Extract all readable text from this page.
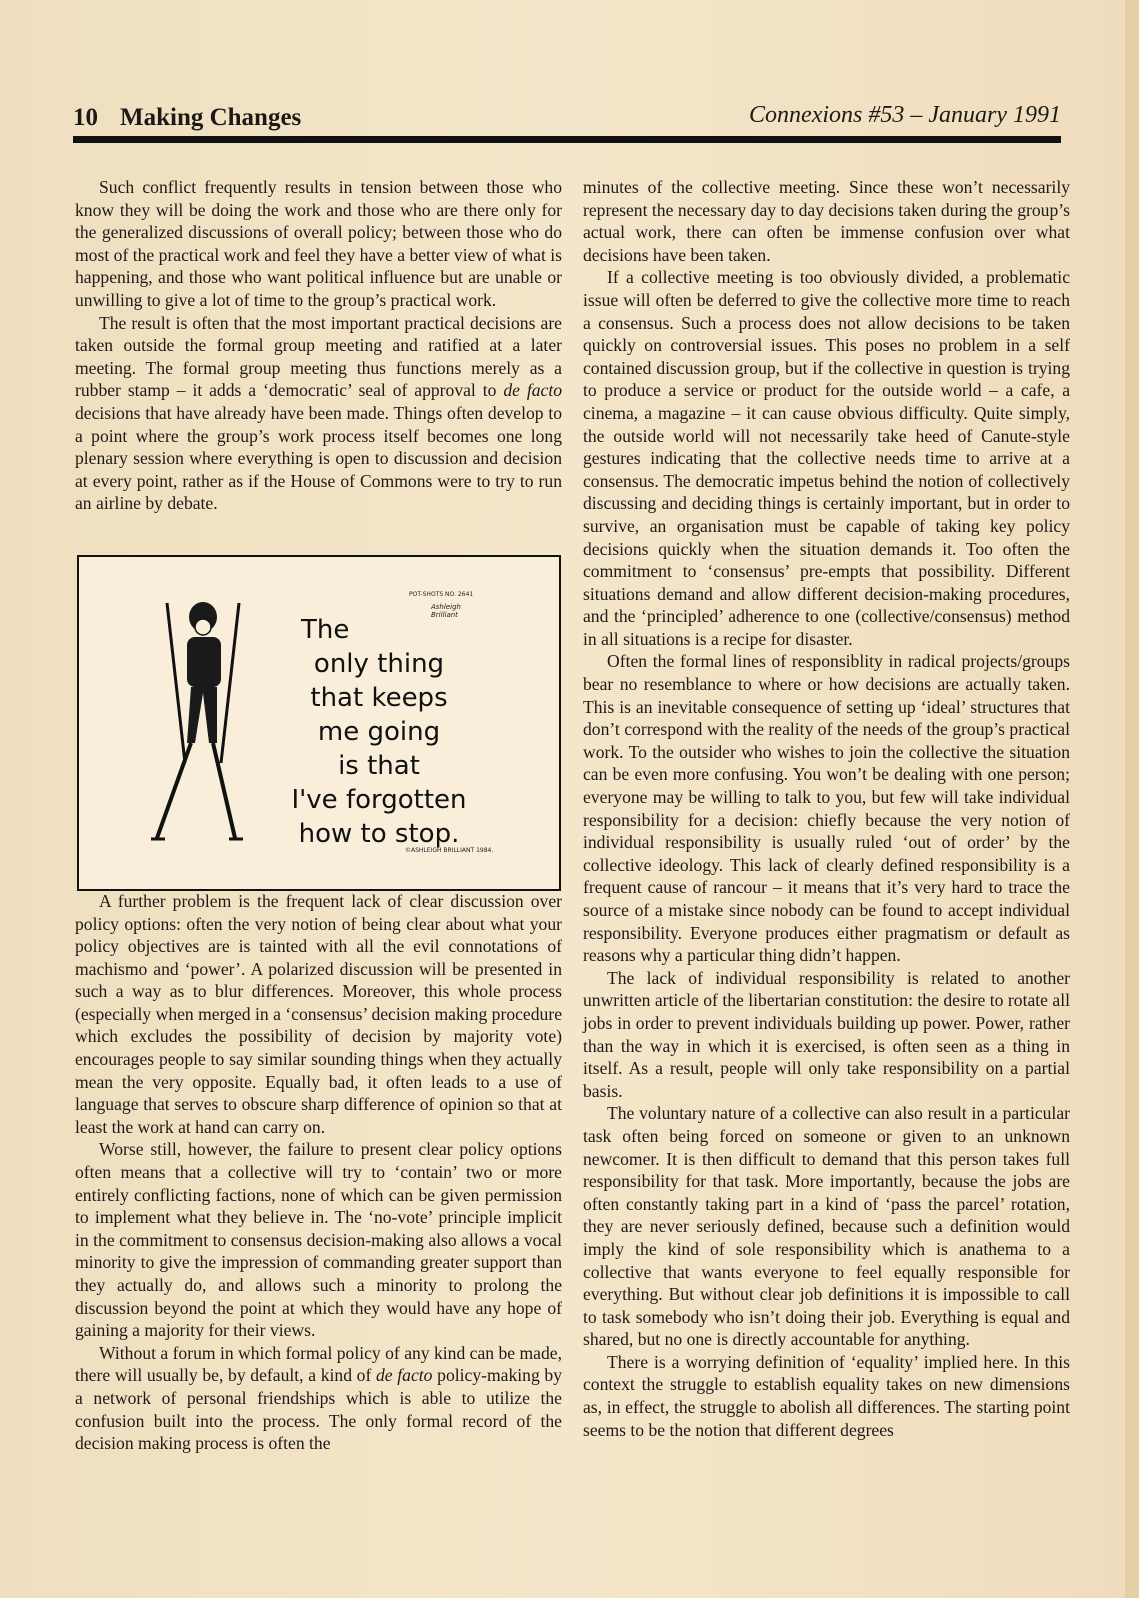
10 Making Changes	Connexions #53 – January 1991

Such conflict frequently results in tension between those who know they will be doing the work and those who are there only for the generalized discussions of overall policy; between those who do most of the practical work and feel they have a better view of what is happening, and those who want political influence but are unable or unwilling to give a lot of time to the group’s practical work.

The result is often that the most important practical decisions are taken outside the formal group meeting and ratified at a later meeting. The formal group meeting thus functions merely as a rubber stamp – it adds a ‘democratic’ seal of approval to de facto decisions that have already have been made. Things often develop to a point where the group’s work process itself becomes one long plenary session where everything is open to discussion and decision at every point, rather as if the House of Commons were to try to run an airline by debate.

A further problem is the frequent lack of clear discussion over policy options: often the very notion of being clear about what your policy objectives are is tainted with all the evil connotations of machismo and ‘power’. A polarized discussion will be presented in such a way as to blur differences. Moreover, this whole process (especially when merged in a ‘consensus’ decision making procedure which excludes the possibility of decision by majority vote) encourages people to say similar sounding things when they actually mean the very opposite. Equally bad, it often leads to a use of language that serves to obscure sharp difference of opinion so that at least the work at hand can carry on.

Worse still, however, the failure to present clear policy options often means that a collective will try to ‘contain’ two or more entirely conflicting factions, none of which can be given permission to implement what they believe in. The ‘no-vote’ principle implicit in the commitment to consensus decision-making also allows a vocal minority to give the impression of commanding greater support than they actually do, and allows such a minority to prolong the discussion beyond the point at which they would have any hope of gaining a majority for their views.

Without a forum in which formal policy of any kind can be made, there will usually be, by default, a kind of de facto policy-making by a network of personal friendships which is able to utilize the confusion built into the process. The only formal record of the decision making process is often the

POT-SHOTS NO. 2641
Ashleigh Brilliant
The
only thing
that keeps
me going
is that
I've forgotten
how to stop.
©ASHLEIGH BRILLIANT 1984.

minutes of the collective meeting. Since these won’t necessarily represent the necessary day to day decisions taken during the group’s actual work, there can often be immense confusion over what decisions have been taken.

If a collective meeting is too obviously divided, a problematic issue will often be deferred to give the collective more time to reach a consensus. Such a process does not allow decisions to be taken quickly on controversial issues. This poses no problem in a self contained discussion group, but if the collective in question is trying to produce a service or product for the outside world – a cafe, a cinema, a magazine – it can cause obvious difficulty. Quite simply, the outside world will not necessarily take heed of Canute-style gestures indicating that the collective needs time to arrive at a consensus. The democratic impetus behind the notion of collectively discussing and deciding things is certainly important, but in order to survive, an organisation must be capable of taking key policy decisions quickly when the situation demands it. Too often the commitment to ‘consensus’ pre-empts that possibility. Different situations demand and allow different decision-making procedures, and the ‘principled’ adherence to one (collective/consensus) method in all situations is a recipe for disaster.

Often the formal lines of responsiblity in radical projects/groups bear no resemblance to where or how decisions are actually taken. This is an inevitable consequence of setting up ‘ideal’ structures that don’t correspond with the reality of the needs of the group’s practical work. To the outsider who wishes to join the collective the situation can be even more confusing. You won’t be dealing with one person; everyone may be willing to talk to you, but few will take individual responsibility for a decision: chiefly because the very notion of individual responsibility is usually ruled ‘out of order’ by the collective ideology. This lack of clearly defined responsibility is a frequent cause of rancour – it means that it’s very hard to trace the source of a mistake since nobody can be found to accept individual responsibility. Everyone produces either pragmatism or default as reasons why a particular thing didn’t happen.

The lack of individual responsibility is related to another unwritten article of the libertarian constitution: the desire to rotate all jobs in order to prevent individuals building up power. Power, rather than the way in which it is exercised, is often seen as a thing in itself. As a result, people will only take responsibility on a partial basis.

The voluntary nature of a collective can also result in a particular task often being forced on someone or given to an unknown newcomer. It is then difficult to demand that this person takes full responsibility for that task. More importantly, because the jobs are often constantly taking part in a kind of ‘pass the parcel’ rotation, they are never seriously defined, because such a definition would imply the kind of sole responsibility which is anathema to a collective that wants everyone to feel equally responsible for everything. But without clear job definitions it is impossible to call to task somebody who isn’t doing their job. Everything is equal and shared, but no one is directly accountable for anything.

There is a worrying definition of ‘equality’ implied here. In this context the struggle to establish equality takes on new dimensions as, in effect, the struggle to abolish all differences. The starting point seems to be the notion that different degrees
